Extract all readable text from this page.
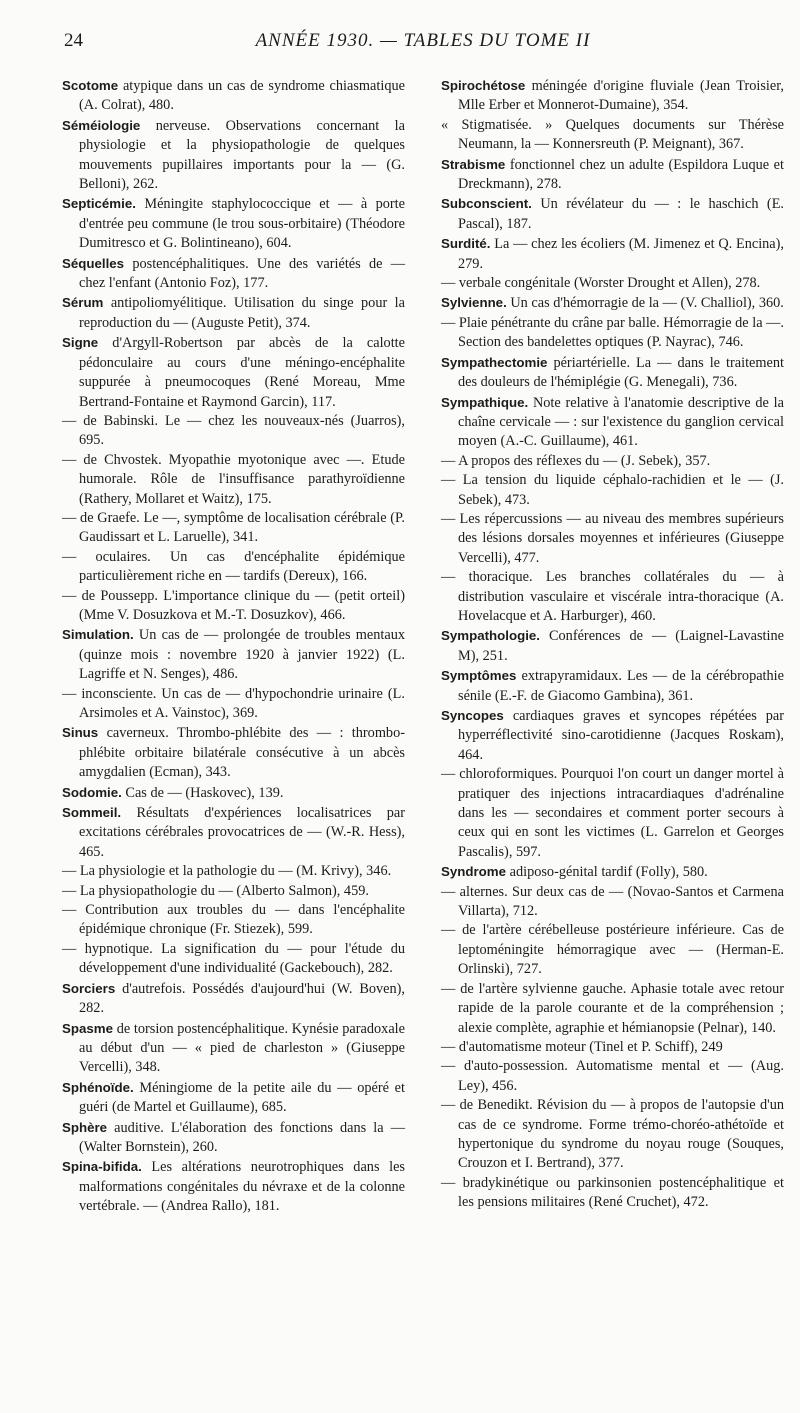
24	ANNÉE 1930. — TABLES DU TOME II

Scotome atypique dans un cas de syndrome chiasmatique (A. Colrat), 480.

Séméiologie nerveuse. Observations concernant la physiologie et la physiopathologie de quelques mouvements pupillaires importants pour la — (G. Belloni), 262.

Septicémie. Méningite staphylococcique et — à porte d'entrée peu commune (le trou sous-orbitaire) (Théodore Dumitresco et G. Bolintineano), 604.

Séquelles postencéphalitiques. Une des variétés de — chez l'enfant (Antonio Foz), 177.

Sérum antipoliomyélitique. Utilisation du singe pour la reproduction du — (Auguste Petit), 374.

Signe d'Argyll-Robertson par abcès de la calotte pédonculaire au cours d'une méningo-encéphalite suppurée à pneumocoques (René Moreau, Mme Bertrand-Fontaine et Raymond Garcin), 117.

— de Babinski. Le — chez les nouveaux-nés (Juarros), 695.

— de Chvostek. Myopathie myotonique avec —. Etude humorale. Rôle de l'insuffisance parathyroïdienne (Rathery, Mollaret et Waitz), 175.

— de Graefe. Le —, symptôme de localisation cérébrale (P. Gaudissart et L. Laruelle), 341.

— oculaires. Un cas d'encéphalite épidémique particulièrement riche en — tardifs (Dereux), 166.

— de Poussepp. L'importance clinique du — (petit orteil) (Mme V. Dosuzkova et M.-T. Dosuzkov), 466.

Simulation. Un cas de — prolongée de troubles mentaux (quinze mois : novembre 1920 à janvier 1922) (L. Lagriffe et N. Senges), 486.

— inconsciente. Un cas de — d'hypochondrie urinaire (L. Arsimoles et A. Vainstoc), 369.

Sinus caverneux. Thrombo-phlébite des — : thrombo-phlébite orbitaire bilatérale consécutive à un abcès amygdalien (Ecman), 343.

Sodomie. Cas de — (Haskovec), 139.

Sommeil. Résultats d'expériences localisatrices par excitations cérébrales provocatrices de — (W.-R. Hess), 465.

— La physiologie et la pathologie du — (M. Krivy), 346.

— La physiopathologie du — (Alberto Salmon), 459.

— Contribution aux troubles du — dans l'encéphalite épidémique chronique (Fr. Stiezek), 599.

— hypnotique. La signification du — pour l'étude du développement d'une individualité (Gackebouch), 282.

Sorciers d'autrefois. Possédés d'aujourd'hui (W. Boven), 282.

Spasme de torsion postencéphalitique. Kynésie paradoxale au début d'un — « pied de charleston » (Giuseppe Vercelli), 348.

Sphénoïde. Méningiome de la petite aile du — opéré et guéri (de Martel et Guillaume), 685.

Sphère auditive. L'élaboration des fonctions dans la — (Walter Bornstein), 260.

Spina-bifida. Les altérations neurotrophiques dans les malformations congénitales du névraxe et de la colonne vertébrale. — (Andrea Rallo), 181.

Spirochétose méningée d'origine fluviale (Jean Troisier, Mlle Erber et Monnerot-Dumaine), 354.

« Stigmatisée. » Quelques documents sur Thérèse Neumann, la — Konnersreuth (P. Meignant), 367.

Strabisme fonctionnel chez un adulte (Espildora Luque et Dreckmann), 278.

Subconscient. Un révélateur du — : le haschich (E. Pascal), 187.

Surdité. La — chez les écoliers (M. Jimenez et Q. Encina), 279.

— verbale congénitale (Worster Drought et Allen), 278.

Sylvienne. Un cas d'hémorragie de la — (V. Challiol), 360.

— Plaie pénétrante du crâne par balle. Hémorragie de la —. Section des bandelettes optiques (P. Nayrac), 746.

Sympathectomie périartérielle. La — dans le traitement des douleurs de l'hémiplégie (G. Menegali), 736.

Sympathique. Note relative à l'anatomie descriptive de la chaîne cervicale — : sur l'existence du ganglion cervical moyen (A.-C. Guillaume), 461.

— A propos des réflexes du — (J. Sebek), 357.

— La tension du liquide céphalo-rachidien et le — (J. Sebek), 473.

— Les répercussions — au niveau des membres supérieurs des lésions dorsales moyennes et inférieures (Giuseppe Vercelli), 477.

— thoracique. Les branches collatérales du — à distribution vasculaire et viscérale intra-thoracique (A. Hovelacque et A. Harburger), 460.

Sympathologie. Conférences de — (Laignel-Lavastine M), 251.

Symptômes extrapyramidaux. Les — de la cérébropathie sénile (E.-F. de Giacomo Gambina), 361.

Syncopes cardiaques graves et syncopes répétées par hyperréflectivité sino-carotidienne (Jacques Roskam), 464.

— chloroformiques. Pourquoi l'on court un danger mortel à pratiquer des injections intracardiaques d'adrénaline dans les — secondaires et comment porter secours à ceux qui en sont les victimes (L. Garrelon et Georges Pascalis), 597.

Syndrome adiposo-génital tardif (Folly), 580.

— alternes. Sur deux cas de — (Novao-Santos et Carmena Villarta), 712.

— de l'artère cérébelleuse postérieure inférieure. Cas de leptoméningite hémorragique avec — (Herman-E. Orlinski), 727.

— de l'artère sylvienne gauche. Aphasie totale avec retour rapide de la parole courante et de la compréhension ; alexie complète, agraphie et hémianopsie (Pelnar), 140.

— d'automatisme moteur (Tinel et P. Schiff), 249

— d'auto-possession. Automatisme mental et — (Aug. Ley), 456.

— de Benedikt. Révision du — à propos de l'autopsie d'un cas de ce syndrome. Forme trémo-choréo-athétoïde et hypertonique du syndrome du noyau rouge (Souques, Crouzon et I. Bertrand), 377.

— bradykinétique ou parkinsonien postencéphalitique et les pensions militaires (René Cruchet), 472.
